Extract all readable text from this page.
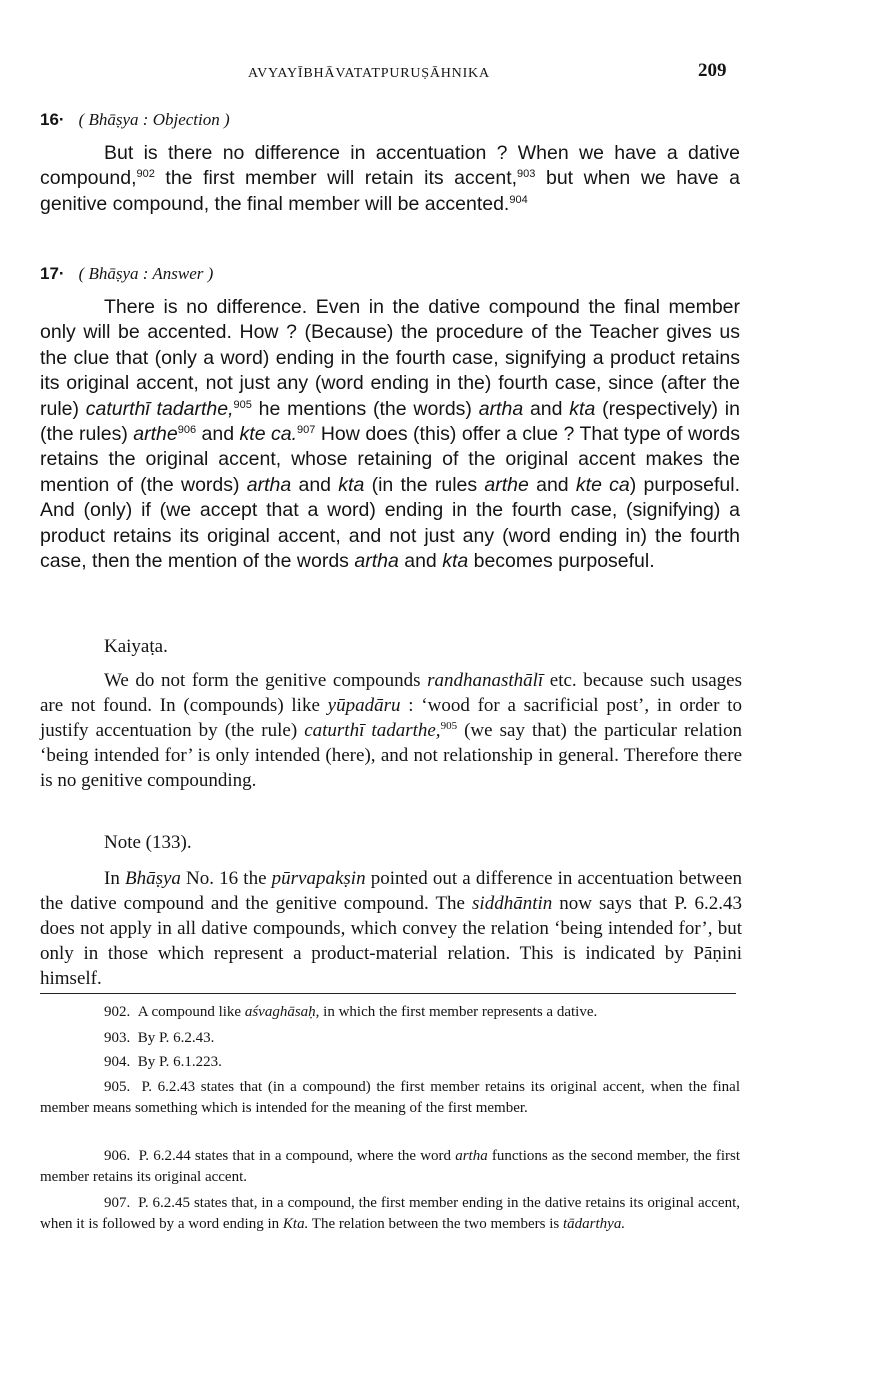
AVYAYĪBHĀVATATPURUṢĀHNIKA	209
16· ( Bhāṣya : Objection )

But is there no difference in accentuation ? When we have a dative compound,$^{902}$ the first member will retain its accent,$^{903}$ but when we have a genitive compound, the final member will be accented.$^{904}$

17· ( Bhāṣya : Answer )

There is no difference. Even in the dative compound the final member only will be accented. How ? (Because) the procedure of the Teacher gives us the clue that (only a word) ending in the fourth case, signifying a product retains its original accent, not just any (word ending in the) fourth case, since (after the rule) caturthī tadarthe,$^{905}$ he mentions (the words) artha and kta (respectively) in (the rules) arthe$^{906}$ and kte ca.$^{907}$ How does (this) offer a clue ? That type of words retains the original accent, whose retaining of the original accent makes the mention of (the words) artha and kta (in the rules arthe and kte ca) purposeful. And (only) if (we accept that a word) ending in the fourth case, (signifying) a product retains its original accent, and not just any (word ending in) the fourth case, then the mention of the words artha and kta becomes purposeful.

Kaiyaṭa.

We do not form the genitive compounds randhanasthālī etc. because such usages are not found. In (compounds) like yūpadāru : ‘wood for a sacrificial post’, in order to justify accentuation by (the rule) caturthī tadarthe,$^{905}$ (we say that) the particular relation ‘being intended for’ is only intended (here), and not relationship in general. Therefore there is no genitive compounding.

Note (133).

In Bhāṣya No. 16 the pūrvapakṣin pointed out a difference in accentuation between the dative compound and the genitive compound. The siddhāntin now says that P. 6.2.43 does not apply in all dative compounds, which convey the relation ‘being intended for’, but only in those which represent a product-material relation. This is indicated by Pāṇini himself.

902. A compound like aśvaghāsaḥ, in which the first member represents a dative.

903. By P. 6.2.43.

904. By P. 6.1.223.

905. P. 6.2.43 states that (in a compound) the first member retains its original accent, when the final member means something which is intended for the meaning of the first member.

906. P. 6.2.44 states that in a compound, where the word artha functions as the second member, the first member retains its original accent.

907. P. 6.2.45 states that, in a compound, the first member ending in the dative retains its original accent, when it is followed by a word ending in Kta. The relation between the two members is tādarthya.
